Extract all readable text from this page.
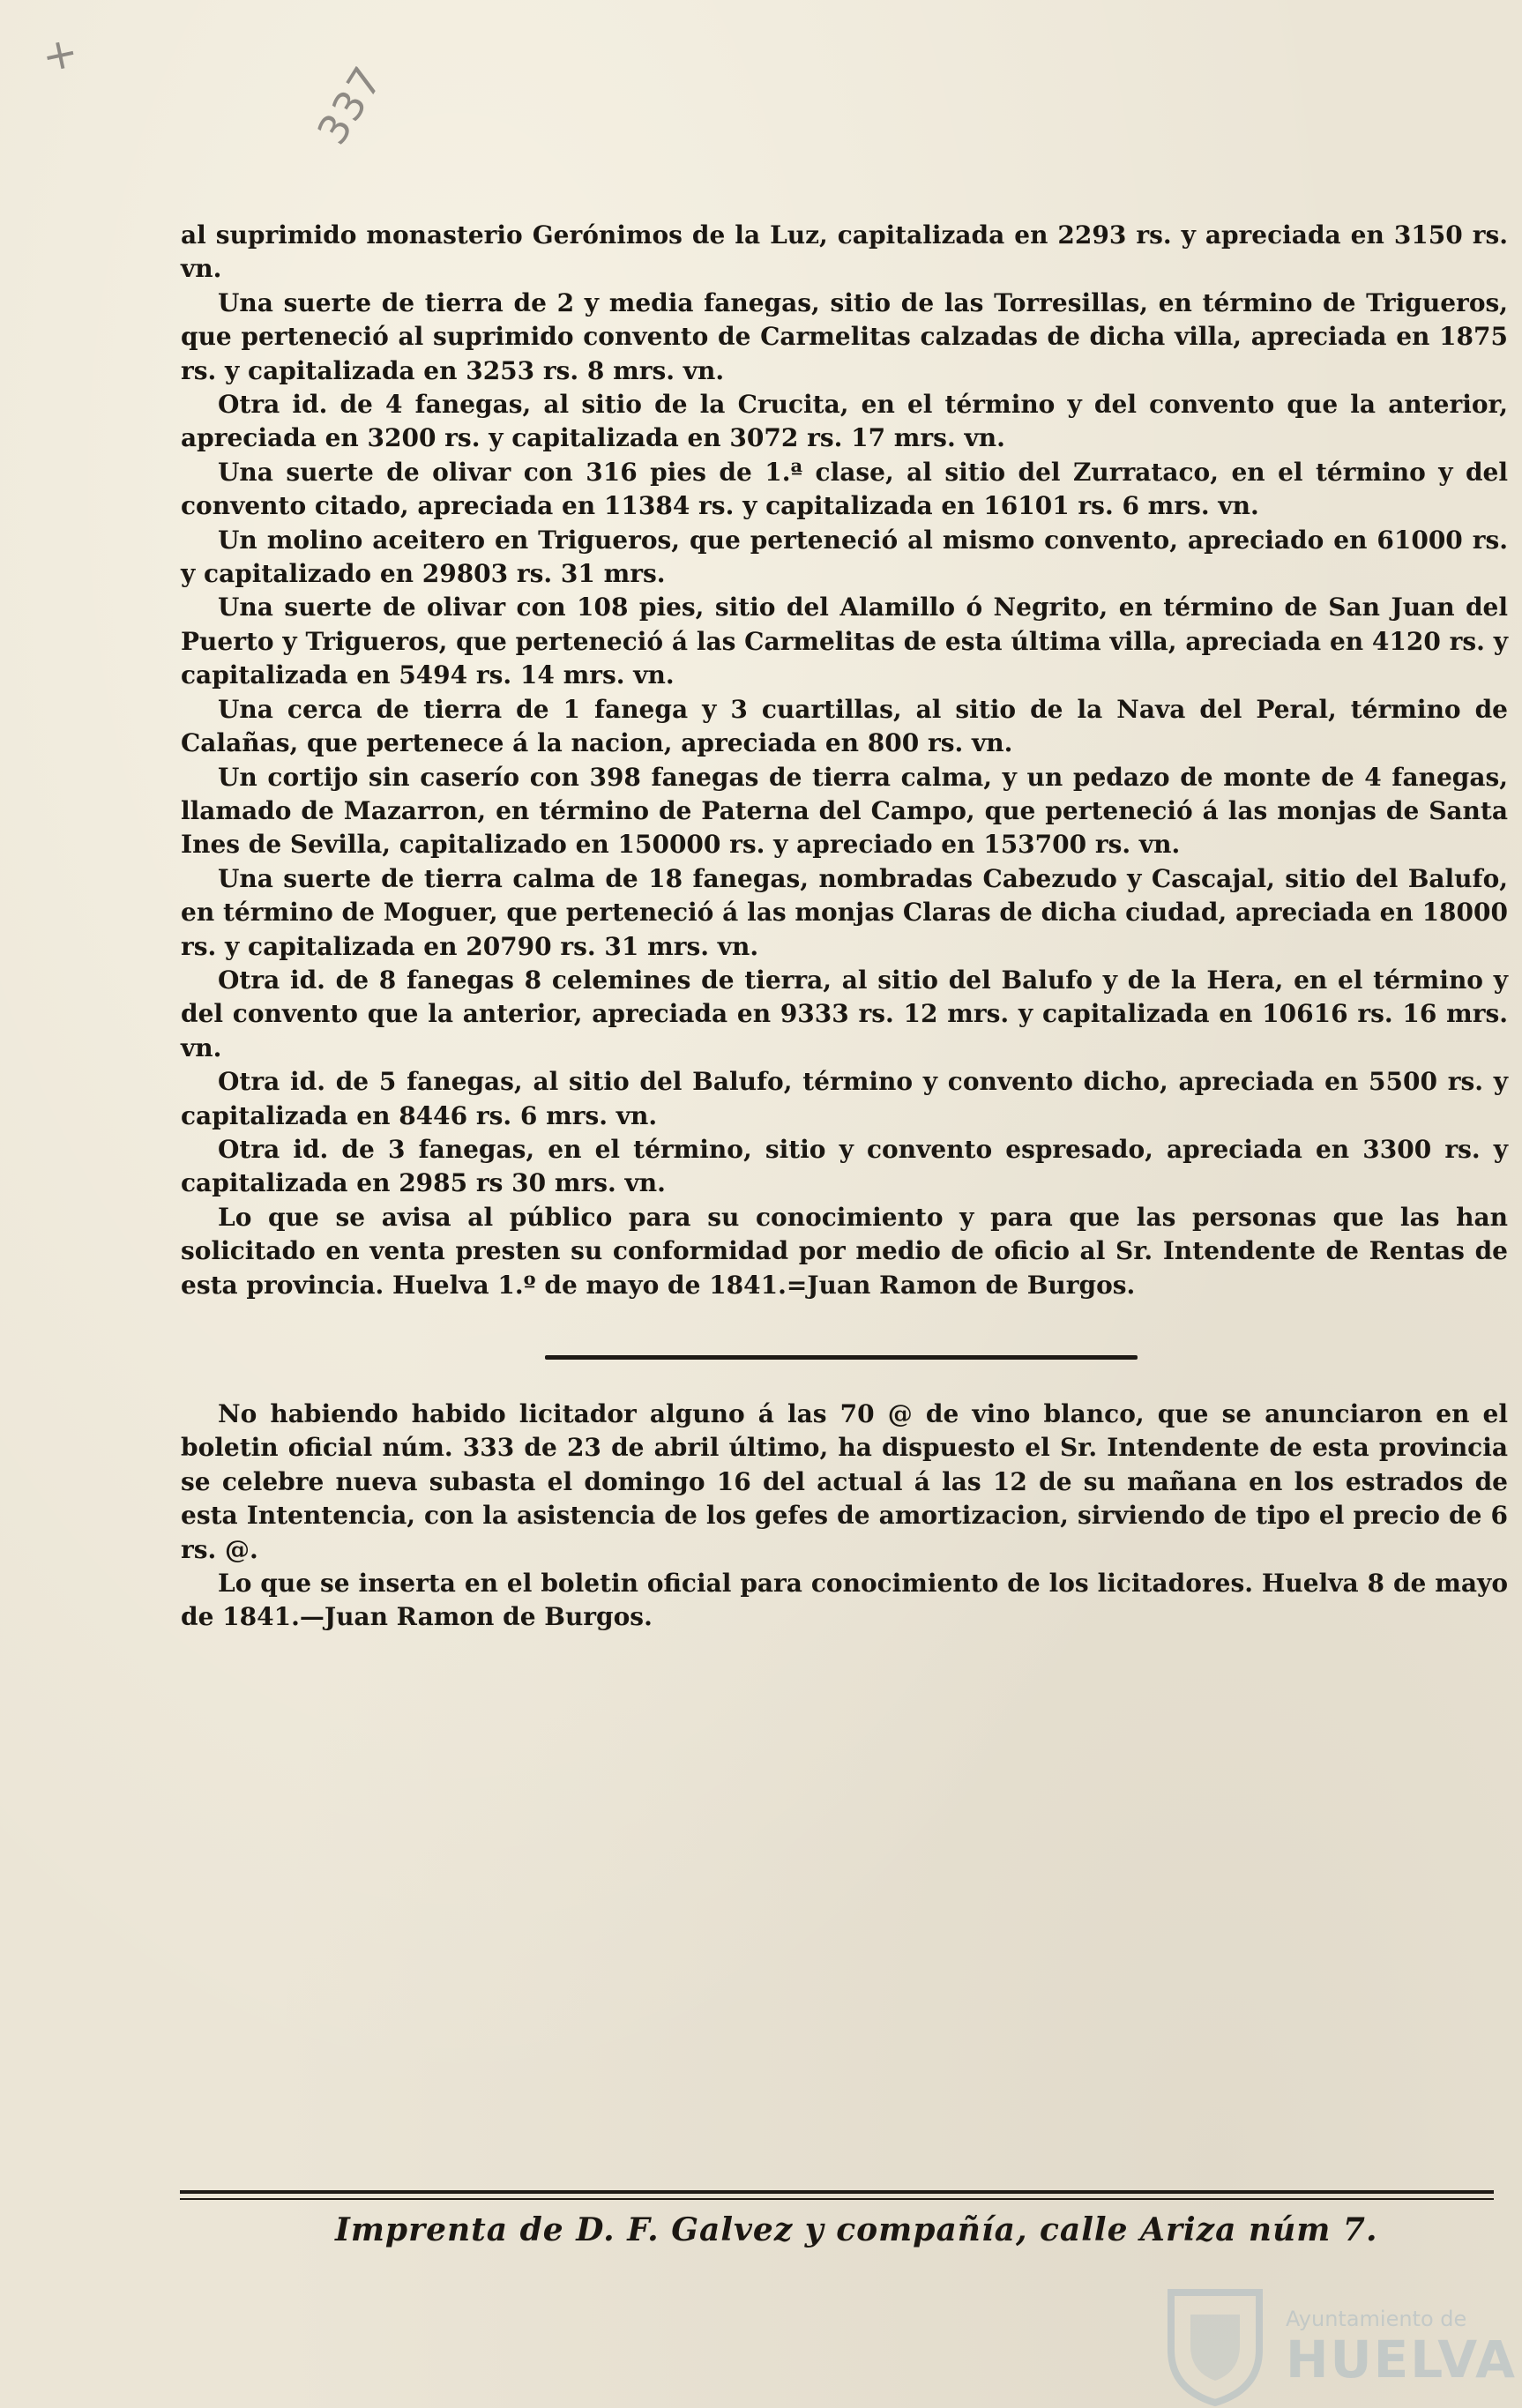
+
337

al suprimido monasterio Gerónimos de la Luz, capitalizada en 2293 rs. y apreciada en 3150 rs. vn.

Una suerte de tierra de 2 y media fanegas, sitio de las Torresillas, en término de Trigueros, que perteneció al suprimido convento de Carmelitas calzadas de dicha villa, apreciada en 1875 rs. y capitalizada en 3253 rs. 8 mrs. vn.

Otra id. de 4 fanegas, al sitio de la Crucita, en el término y del convento que la anterior, apreciada en 3200 rs. y capitalizada en 3072 rs. 17 mrs. vn.

Una suerte de olivar con 316 pies de 1.ª clase, al sitio del Zurrataco, en el término y del convento citado, apreciada en 11384 rs. y capitalizada en 16101 rs. 6 mrs. vn.

Un molino aceitero en Trigueros, que perteneció al mismo convento, apreciado en 61000 rs. y capitalizado en 29803 rs. 31 mrs.

Una suerte de olivar con 108 pies, sitio del Alamillo ó Negrito, en término de San Juan del Puerto y Trigueros, que perteneció á las Carmelitas de esta última villa, apreciada en 4120 rs. y capitalizada en 5494 rs. 14 mrs. vn.

Una cerca de tierra de 1 fanega y 3 cuartillas, al sitio de la Nava del Peral, término de Calañas, que pertenece á la nacion, apreciada en 800 rs. vn.

Un cortijo sin caserío con 398 fanegas de tierra calma, y un pedazo de monte de 4 fanegas, llamado de Mazarron, en término de Paterna del Campo, que perteneció á las monjas de Santa Ines de Sevilla, capitalizado en 150000 rs. y apreciado en 153700 rs. vn.

Una suerte de tierra calma de 18 fanegas, nombradas Cabezudo y Cascajal, sitio del Balufo, en término de Moguer, que perteneció á las monjas Claras de dicha ciudad, apreciada en 18000 rs. y capitalizada en 20790 rs. 31 mrs. vn.

Otra id. de 8 fanegas 8 celemines de tierra, al sitio del Balufo y de la Hera, en el término y del convento que la anterior, apreciada en 9333 rs. 12 mrs. y capitalizada en 10616 rs. 16 mrs. vn.

Otra id. de 5 fanegas, al sitio del Balufo, término y convento dicho, apreciada en 5500 rs. y capitalizada en 8446 rs. 6 mrs. vn.

Otra id. de 3 fanegas, en el término, sitio y convento espresado, apreciada en 3300 rs. y capitalizada en 2985 rs 30 mrs. vn.

Lo que se avisa al público para su conocimiento y para que las personas que las han solicitado en venta presten su conformidad por medio de oficio al Sr. Intendente de Rentas de esta provincia. Huelva 1.º de mayo de 1841.=Juan Ramon de Burgos.

No habiendo habido licitador alguno á las 70 @ de vino blanco, que se anunciaron en el boletin oficial núm. 333 de 23 de abril último, ha dispuesto el Sr. Intendente de esta provincia se celebre nueva subasta el domingo 16 del actual á las 12 de su mañana en los estrados de esta Intentencia, con la asistencia de los gefes de amortizacion, sirviendo de tipo el precio de 6 rs. @.

Lo que se inserta en el boletin oficial para conocimiento de los licitadores. Huelva 8 de mayo de 1841.—Juan Ramon de Burgos.

Imprenta de D. F. Galvez y compañía, calle Ariza núm 7.
Ayuntamiento de
HUELVA
